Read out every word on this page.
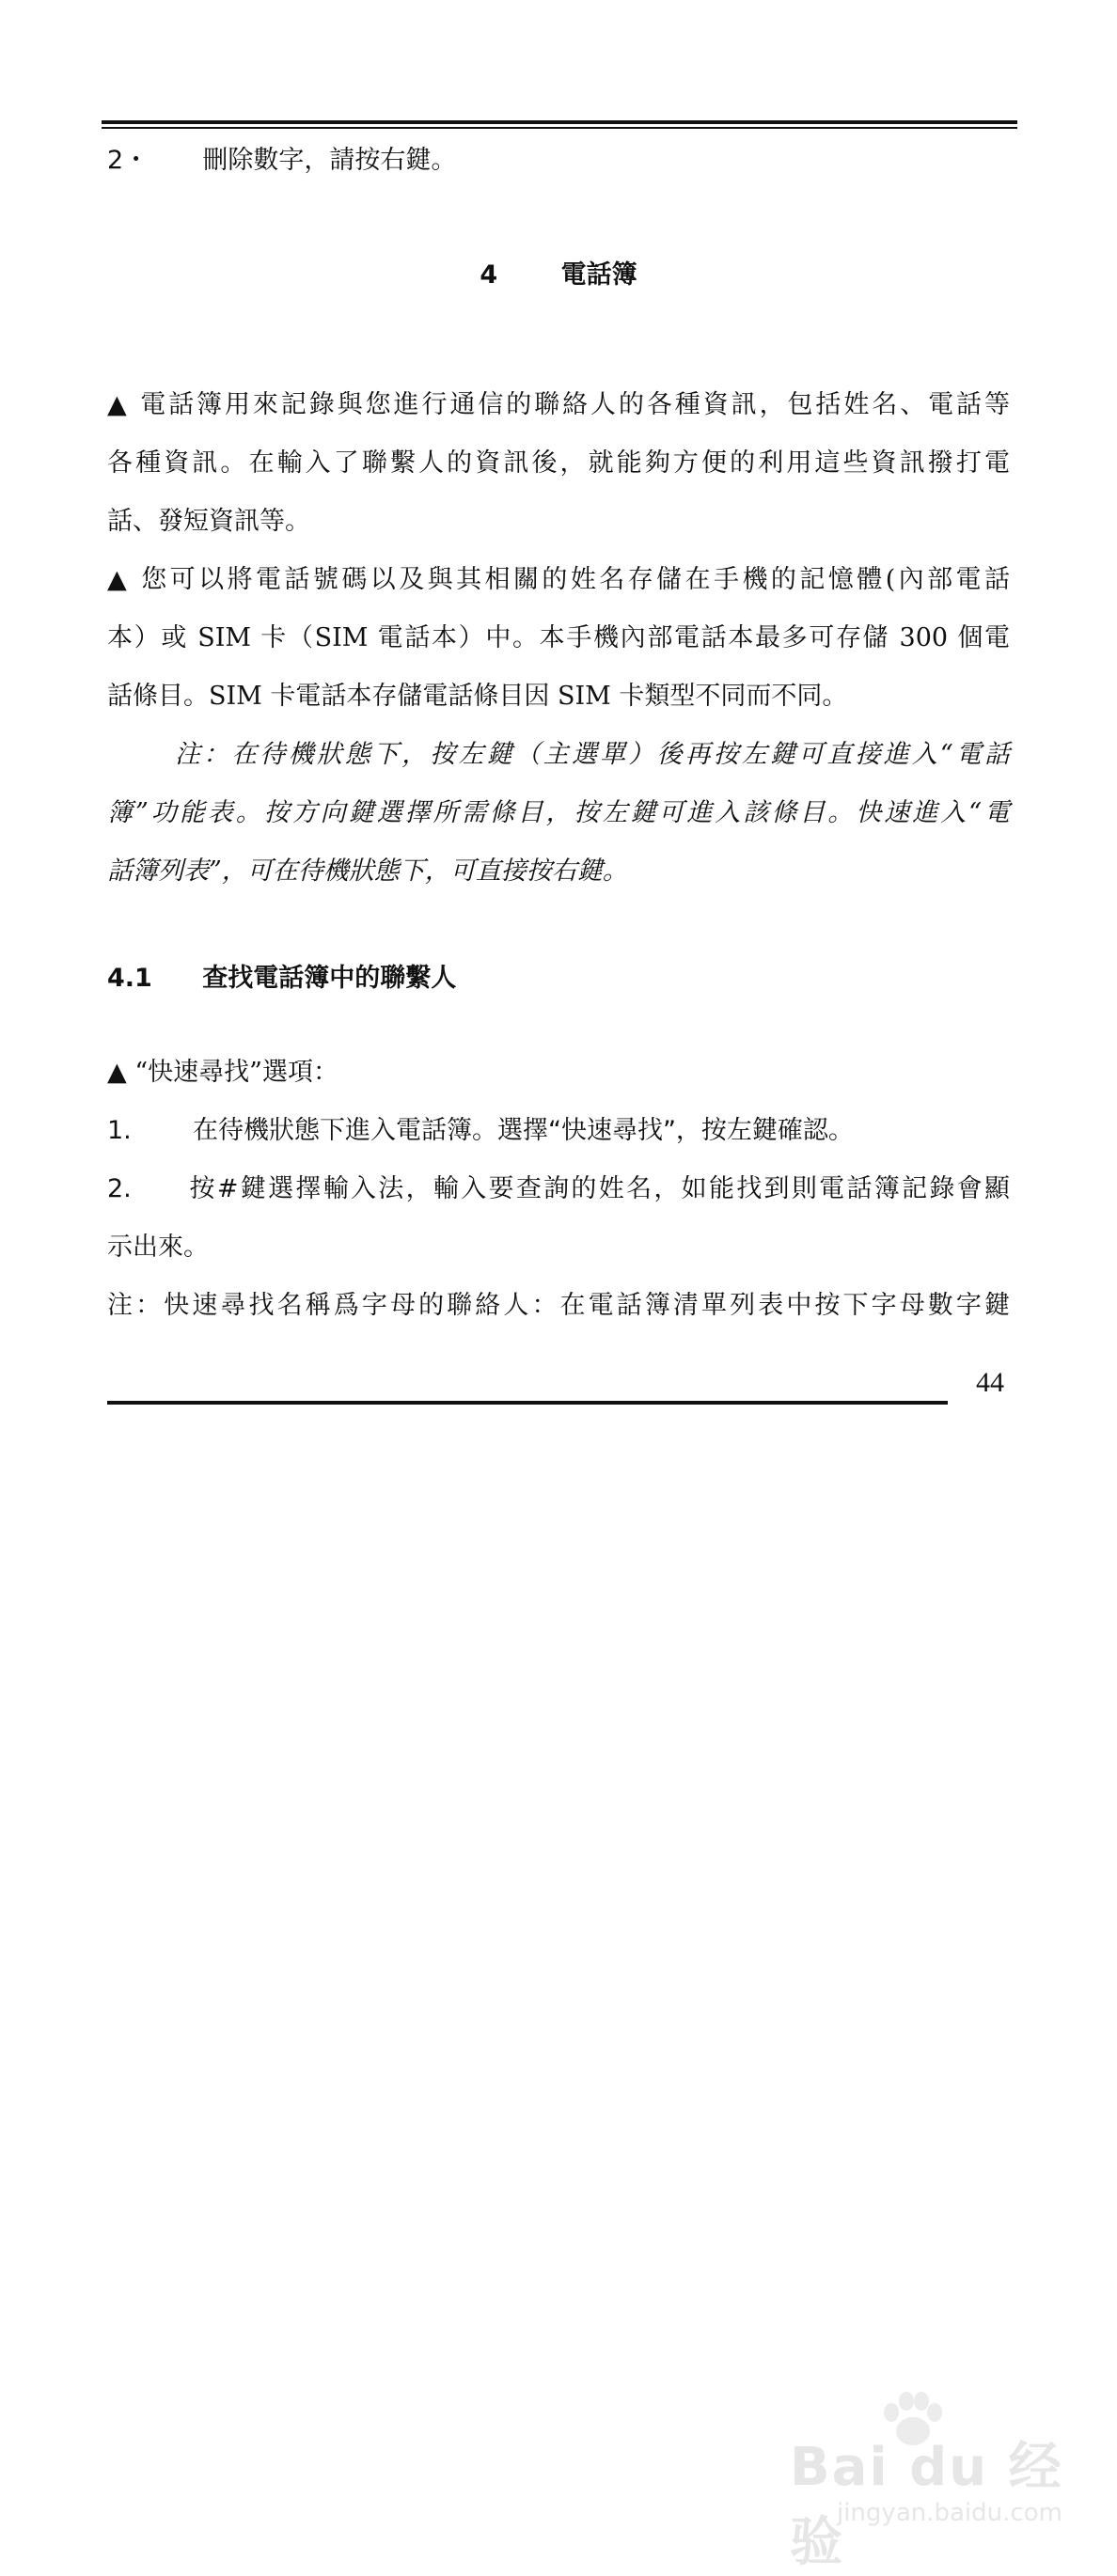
2・ 刪除數字，請按右鍵。
4 電話簿
▲ 電話簿用來記錄與您進行通信的聯絡人的各種資訊，包括姓名、電話等
各種資訊。在輸入了聯繫人的資訊後，就能夠方便的利用這些資訊撥打電
話、發短資訊等。
▲ 您可以將電話號碼以及與其相關的姓名存儲在手機的記憶體(內部電話
本）或 SIM 卡（SIM 電話本）中。本手機內部電話本最多可存儲 300 個電
話條目。SIM 卡電話本存儲電話條目因 SIM 卡類型不同而不同。
注：在待機狀態下，按左鍵（主選單）後再按左鍵可直接進入“電話
簿”功能表。按方向鍵選擇所需條目，按左鍵可進入該條目。快速進入“電
話簿列表”，可在待機狀態下，可直接按右鍵。
4.1 查找電話簿中的聯繫人
▲ “快速尋找”選項：
1. 在待機狀態下進入電話簿。選擇“快速尋找”，按左鍵確認。
2. 按#鍵選擇輸入法，輸入要查詢的姓名，如能找到則電話簿記錄會顯
示出來。
注：快速尋找名稱爲字母的聯絡人：在電話簿清單列表中按下字母數字鍵
44
Bai du 经验
jingyan.baidu.com
